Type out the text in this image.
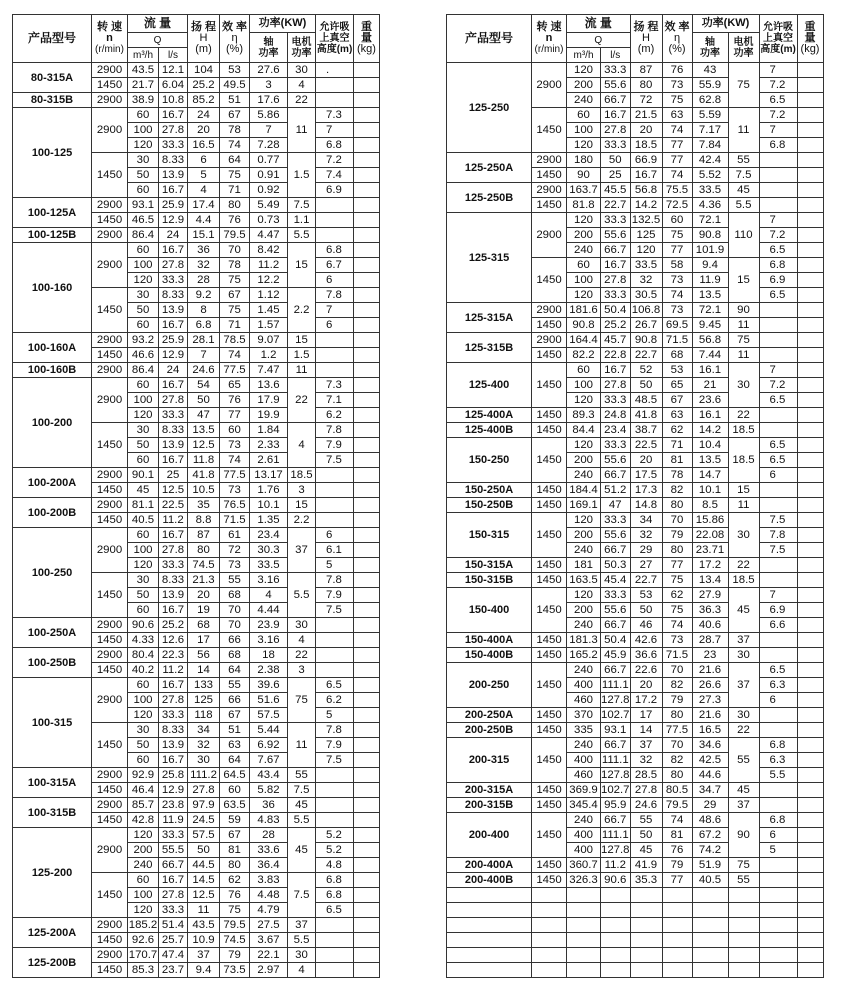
产品型号	转 速
n
(r/min)	流 量		扬 程
H
(m)	效 率
η
(%)	功率(KW)		允许吸
上真空
高度(m)	重
量
(kg)

		Q				轴
功率	电机
功率		

		m³/h	l/s						
80-315A	2900	43.5	12.1	104	53	27.6	30	.	
	1450	21.7	6.04	25.2	49.5	3	4		
80-315B	2900	38.9	10.8	85.2	51	17.6	22		
100-125	2900	60	16.7	24	67	5.86	11	7.3	
		100	27.8	20	78	7		7	
		120	33.3	16.5	74	7.28		6.8	
	1450	30	8.33	6	64	0.77	1.5	7.2	
		50	13.9	5	75	0.91		7.4	
		60	16.7	4	71	0.92		6.9	
100-125A	2900	93.1	25.9	17.4	80	5.49	7.5		
	1450	46.5	12.9	4.4	76	0.73	1.1		
100-125B	2900	86.4	24	15.1	79.5	4.47	5.5		
100-160	2900	60	16.7	36	70	8.42	15	6.8	
		100	27.8	32	78	11.2		6.7	
		120	33.3	28	75	12.2		6	
	1450	30	8.33	9.2	67	1.12	2.2	7.8	
		50	13.9	8	75	1.45		7	
		60	16.7	6.8	71	1.57		6	
100-160A	2900	93.2	25.9	28.1	78.5	9.07	15		
	1450	46.6	12.9	7	74	1.2	1.5		
100-160B	2900	86.4	24	24.6	77.5	7.47	11		
100-200	2900	60	16.7	54	65	13.6	22	7.3	
		100	27.8	50	76	17.9		7.1	
		120	33.3	47	77	19.9		6.2	
	1450	30	8.33	13.5	60	1.84	4	7.8	
		50	13.9	12.5	73	2.33		7.9	
		60	16.7	11.8	74	2.61		7.5	
100-200A	2900	90.1	25	41.8	77.5	13.17	18.5		
	1450	45	12.5	10.5	73	1.76	3		
100-200B	2900	81.1	22.5	35	76.5	10.1	15		
	1450	40.5	11.2	8.8	71.5	1.35	2.2		
100-250	2900	60	16.7	87	61	23.4	37	6	
		100	27.8	80	72	30.3		6.1	
		120	33.3	74.5	73	33.5		5	
	1450	30	8.33	21.3	55	3.16	5.5	7.8	
		50	13.9	20	68	4		7.9	
		60	16.7	19	70	4.44		7.5	
100-250A	2900	90.6	25.2	68	70	23.9	30		
	1450	4.33	12.6	17	66	3.16	4		
100-250B	2900	80.4	22.3	56	68	18	22		
	1450	40.2	11.2	14	64	2.38	3		
100-315	2900	60	16.7	133	55	39.6	75	6.5	
		100	27.8	125	66	51.6		6.2	
		120	33.3	118	67	57.5		5	
	1450	30	8.33	34	51	5.44	11	7.8	
		50	13.9	32	63	6.92		7.9	
		60	16.7	30	64	7.67		7.5	
100-315A	2900	92.9	25.8	111.2	64.5	43.4	55		
	1450	46.4	12.9	27.8	60	5.82	7.5		
100-315B	2900	85.7	23.8	97.9	63.5	36	45		
	1450	42.8	11.9	24.5	59	4.83	5.5		
125-200	2900	120	33.3	57.5	67	28	45	5.2	
		200	55.5	50	81	33.6		5.2	
		240	66.7	44.5	80	36.4		4.8	
	1450	60	16.7	14.5	62	3.83	7.5	6.8	
		100	27.8	12.5	76	4.48		6.8	
		120	33.3	11	75	4.79		6.5	
125-200A	2900	185.2	51.4	43.5	79.5	27.5	37		
	1450	92.6	25.7	10.9	74.5	3.67	5.5		
125-200B	2900	170.7	47.4	37	79	22.1	30		
	1450	85.3	23.7	9.4	73.5	2.97	4		
产品型号	转 速
n
(r/min)	流 量		扬 程
H
(m)	效 率
η
(%)	功率(KW)		允许吸
上真空
高度(m)	重
量
(kg)

		Q				轴
功率	电机
功率		

		m³/h	l/s						
125-250	2900	120	33.3	87	76	43	75	7	
		200	55.6	80	73	55.9		7.2	
		240	66.7	72	75	62.8		6.5	
	1450	60	16.7	21.5	63	5.59	11	7.2	
		100	27.8	20	74	7.17		7	
		120	33.3	18.5	77	7.84		6.8	
125-250A	2900	180	50	66.9	77	42.4	55		
	1450	90	25	16.7	74	5.52	7.5		
125-250B	2900	163.7	45.5	56.8	75.5	33.5	45		
	1450	81.8	22.7	14.2	72.5	4.36	5.5		
125-315	2900	120	33.3	132.5	60	72.1	110	7	
		200	55.6	125	75	90.8		7.2	
		240	66.7	120	77	101.9		6.5	
	1450	60	16.7	33.5	58	9.4	15	6.8	
		100	27.8	32	73	11.9		6.9	
		120	33.3	30.5	74	13.5		6.5	
125-315A	2900	181.6	50.4	106.8	73	72.1	90		
	1450	90.8	25.2	26.7	69.5	9.45	11		
125-315B	2900	164.4	45.7	90.8	71.5	56.8	75		
	1450	82.2	22.8	22.7	68	7.44	11		
125-400	1450	60	16.7	52	53	16.1	30	7	
		100	27.8	50	65	21		7.2	
		120	33.3	48.5	67	23.6		6.5	
125-400A	1450	89.3	24.8	41.8	63	16.1	22		
125-400B	1450	84.4	23.4	38.7	62	14.2	18.5		
150-250	1450	120	33.3	22.5	71	10.4	18.5	6.5	
		200	55.6	20	81	13.5		6.5	
		240	66.7	17.5	78	14.7		6	
150-250A	1450	184.4	51.2	17.3	82	10.1	15		
150-250B	1450	169.1	47	14.8	80	8.5	11		
150-315	1450	120	33.3	34	70	15.86	30	7.5	
		200	55.6	32	79	22.08		7.8	
		240	66.7	29	80	23.71		7.5	
150-315A	1450	181	50.3	27	77	17.2	22		
150-315B	1450	163.5	45.4	22.7	75	13.4	18.5		
150-400	1450	120	33.3	53	62	27.9	45	7	
		200	55.6	50	75	36.3		6.9	
		240	66.7	46	74	40.6		6.6	
150-400A	1450	181.3	50.4	42.6	73	28.7	37		
150-400B	1450	165.2	45.9	36.6	71.5	23	30		
200-250	1450	240	66.7	22.6	70	21.6	37	6.5	
		400	111.1	20	82	26.6		6.3	
		460	127.8	17.2	79	27.3		6	
200-250A	1450	370	102.7	17	80	21.6	30		
200-250B	1450	335	93.1	14	77.5	16.5	22		
200-315	1450	240	66.7	37	70	34.6	55	6.8	
		400	111.1	32	82	42.5		6.3	
		460	127.8	28.5	80	44.6		5.5	
200-315A	1450	369.9	102.7	27.8	80.5	34.7	45		
200-315B	1450	345.4	95.9	24.6	79.5	29	37		
200-400	1450	240	66.7	55	74	48.6	90	6.8	
		400	111.1	50	81	67.2		6	
		400	127.8	45	76	74.2		5	
200-400A	1450	360.7	11.2	41.9	79	51.9	75		
200-400B	1450	326.3	90.6	35.3	77	40.5	55		
